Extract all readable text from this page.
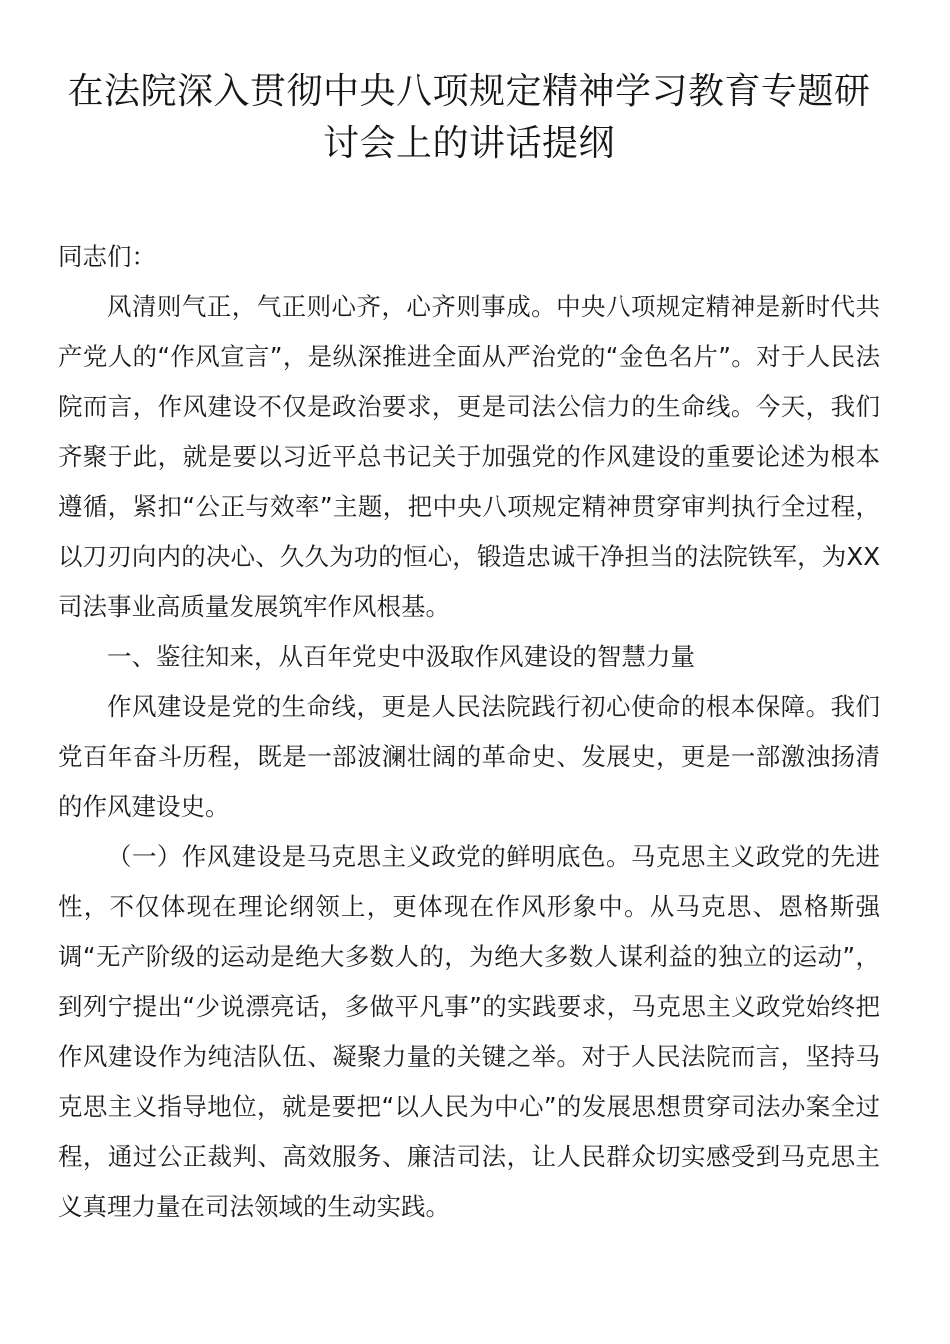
在法院深入贯彻中央八项规定精神学习教育专题研讨会上的讲话提纲

同志们：

风清则气正，气正则心齐，心齐则事成。中央八项规定精神是新时代共产党人的“作风宣言”，是纵深推进全面从严治党的“金色名片”。对于人民法院而言，作风建设不仅是政治要求，更是司法公信力的生命线。今天，我们齐聚于此，就是要以习近平总书记关于加强党的作风建设的重要论述为根本遵循，紧扣“公正与效率”主题，把中央八项规定精神贯穿审判执行全过程，以刀刃向内的决心、久久为功的恒心，锻造忠诚干净担当的法院铁军，为XX司法事业高质量发展筑牢作风根基。

一、鉴往知来，从百年党史中汲取作风建设的智慧力量

作风建设是党的生命线，更是人民法院践行初心使命的根本保障。我们党百年奋斗历程，既是一部波澜壮阔的革命史、发展史，更是一部激浊扬清的作风建设史。

（一）作风建设是马克思主义政党的鲜明底色。马克思主义政党的先进性，不仅体现在理论纲领上，更体现在作风形象中。从马克思、恩格斯强调“无产阶级的运动是绝大多数人的，为绝大多数人谋利益的独立的运动”，到列宁提出“少说漂亮话，多做平凡事”的实践要求，马克思主义政党始终把作风建设作为纯洁队伍、凝聚力量的关键之举。对于人民法院而言，坚持马克思主义指导地位，就是要把“以人民为中心”的发展思想贯穿司法办案全过程，通过公正裁判、高效服务、廉洁司法，让人民群众切实感受到马克思主义真理力量在司法领域的生动实践。
